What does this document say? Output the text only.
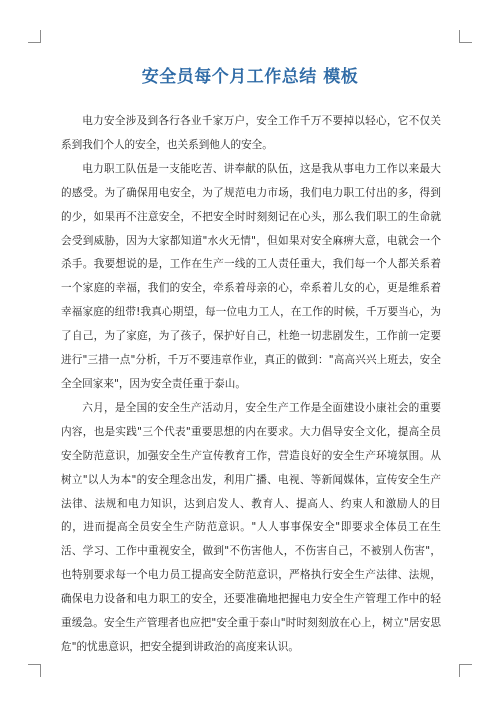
安全员每个月工作总结 模板

电力安全涉及到各行各业千家万户，安全工作千万不要掉以轻心，它不仅关系到我们个人的安全，也关系到他人的安全。

电力职工队伍是一支能吃苦、讲奉献的队伍，这是我从事电力工作以来最大的感受。为了确保用电安全，为了规范电力市场，我们电力职工付出的多，得到的少，如果再不注意安全，不把安全时时刻刻记在心头，那么我们职工的生命就会受到威胁，因为大家都知道"水火无情"，但如果对安全麻痹大意，电就会一个杀手。我要想说的是，工作在生产一线的工人责任重大，我们每一个人都关系着一个家庭的幸福，我们的安全，牵系着母亲的心，牵系着儿女的心，更是维系着幸福家庭的纽带!我真心期望，每一位电力工人，在工作的时候，千万要当心，为了自己，为了家庭，为了孩子，保护好自己，杜绝一切悲剧发生，工作前一定要进行"三措一点"分析，千万不要违章作业，真正的做到："高高兴兴上班去，安全全全回家来"，因为安全责任重于泰山。

六月，是全国的安全生产活动月，安全生产工作是全面建设小康社会的重要内容，也是实践"三个代表"重要思想的内在要求。大力倡导安全文化，提高全员安全防范意识，加强安全生产宣传教育工作，营造良好的安全生产环境氛围。从树立"以人为本"的安全理念出发，利用广播、电视、等新闻媒体，宣传安全生产法律、法规和电力知识，达到启发人、教育人、提高人、约束人和激励人的目的，进而提高全员安全生产防范意识。"人人事事保安全"即要求全体员工在生活、学习、工作中重视安全，做到"不伤害他人，不伤害自己，不被别人伤害"，也特别要求每一个电力员工提高安全防范意识，严格执行安全生产法律、法规，确保电力设备和电力职工的安全，还要准确地把握电力安全生产管理工作中的轻重缓急。安全生产管理者也应把"安全重于泰山"时时刻刻放在心上，树立"居安思危"的忧患意识，把安全提到讲政治的高度来认识。
